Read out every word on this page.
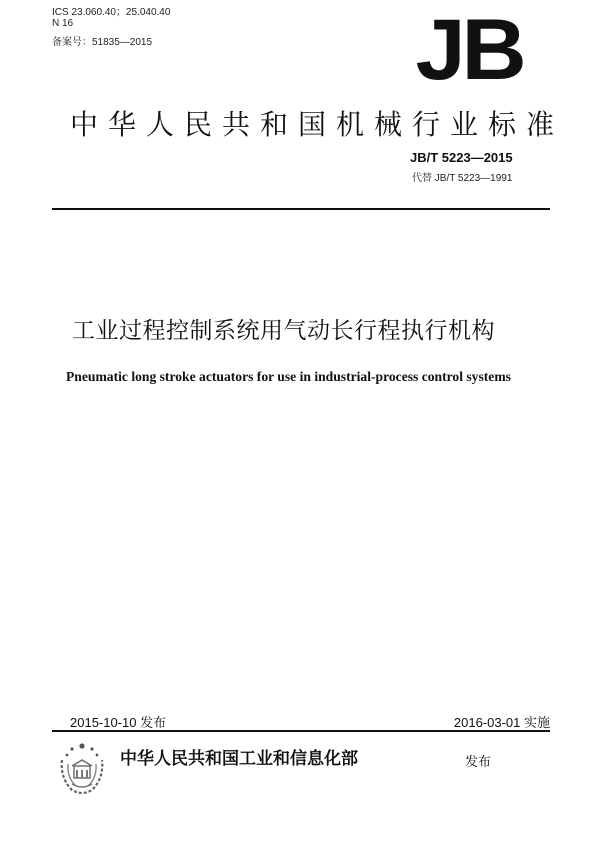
ICS 23.060.40；25.040.40
N 16
备案号：51835—2015	JB
中华人民共和国机械行业标准
JB/T 5223—2015
代替 JB/T 5223—1991
工业过程控制系统用气动长行程执行机构
Pneumatic long stroke actuators for use in industrial-process control systems
2015-10-10 发布	2016-03-01 实施
中华人民共和国工业和信息化部	发布
